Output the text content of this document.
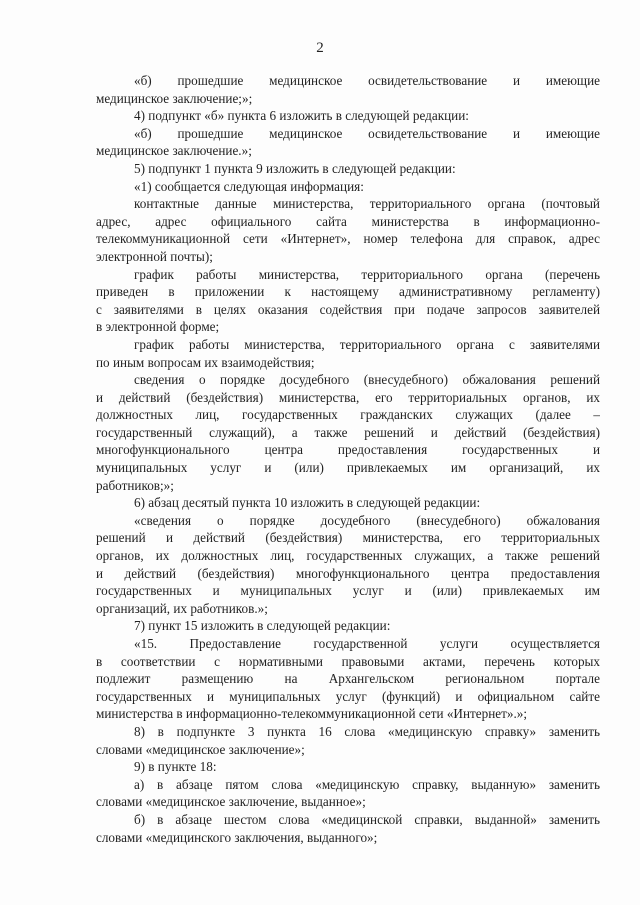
2
«б) прошедшие медицинское освидетельствование и имеющие
медицинское заключение;»;
4) подпункт «б» пункта 6 изложить в следующей редакции:
«б) прошедшие медицинское освидетельствование и имеющие
медицинское заключение.»;
5) подпункт 1 пункта 9 изложить в следующей редакции:
«1) сообщается следующая информация:
контактные данные министерства, территориального органа (почтовый
адрес, адрес официального сайта министерства в информационно-
телекоммуникационной сети «Интернет», номер телефона для справок, адрес
электронной почты);
график работы министерства, территориального органа (перечень
приведен в приложении к настоящему административному регламенту)
с заявителями в целях оказания содействия при подаче запросов заявителей
в электронной форме;
график работы министерства, территориального органа с заявителями
по иным вопросам их взаимодействия;
сведения о порядке досудебного (внесудебного) обжалования решений
и действий (бездействия) министерства, его территориальных органов, их
должностных лиц, государственных гражданских служащих (далее –
государственный служащий), а также решений и действий (бездействия)
многофункционального центра предоставления государственных и
муниципальных услуг и (или) привлекаемых им организаций, их
работников;»;
6) абзац десятый пункта 10 изложить в следующей редакции:
«сведения о порядке досудебного (внесудебного) обжалования
решений и действий (бездействия) министерства, его территориальных
органов, их должностных лиц, государственных служащих, а также решений
и действий (бездействия) многофункционального центра предоставления
государственных и муниципальных услуг и (или) привлекаемых им
организаций, их работников.»;
7) пункт 15 изложить в следующей редакции:
«15. Предоставление государственной услуги осуществляется
в соответствии с нормативными правовыми актами, перечень которых
подлежит размещению на Архангельском региональном портале
государственных и муниципальных услуг (функций) и официальном сайте
министерства в информационно-телекоммуникационной сети «Интернет».»;
8) в подпункте 3 пункта 16 слова «медицинскую справку» заменить
словами «медицинское заключение»;
9) в пункте 18:
а) в абзаце пятом слова «медицинскую справку, выданную» заменить
словами «медицинское заключение, выданное»;
б) в абзаце шестом слова «медицинской справки, выданной» заменить
словами «медицинского заключения, выданного»;
